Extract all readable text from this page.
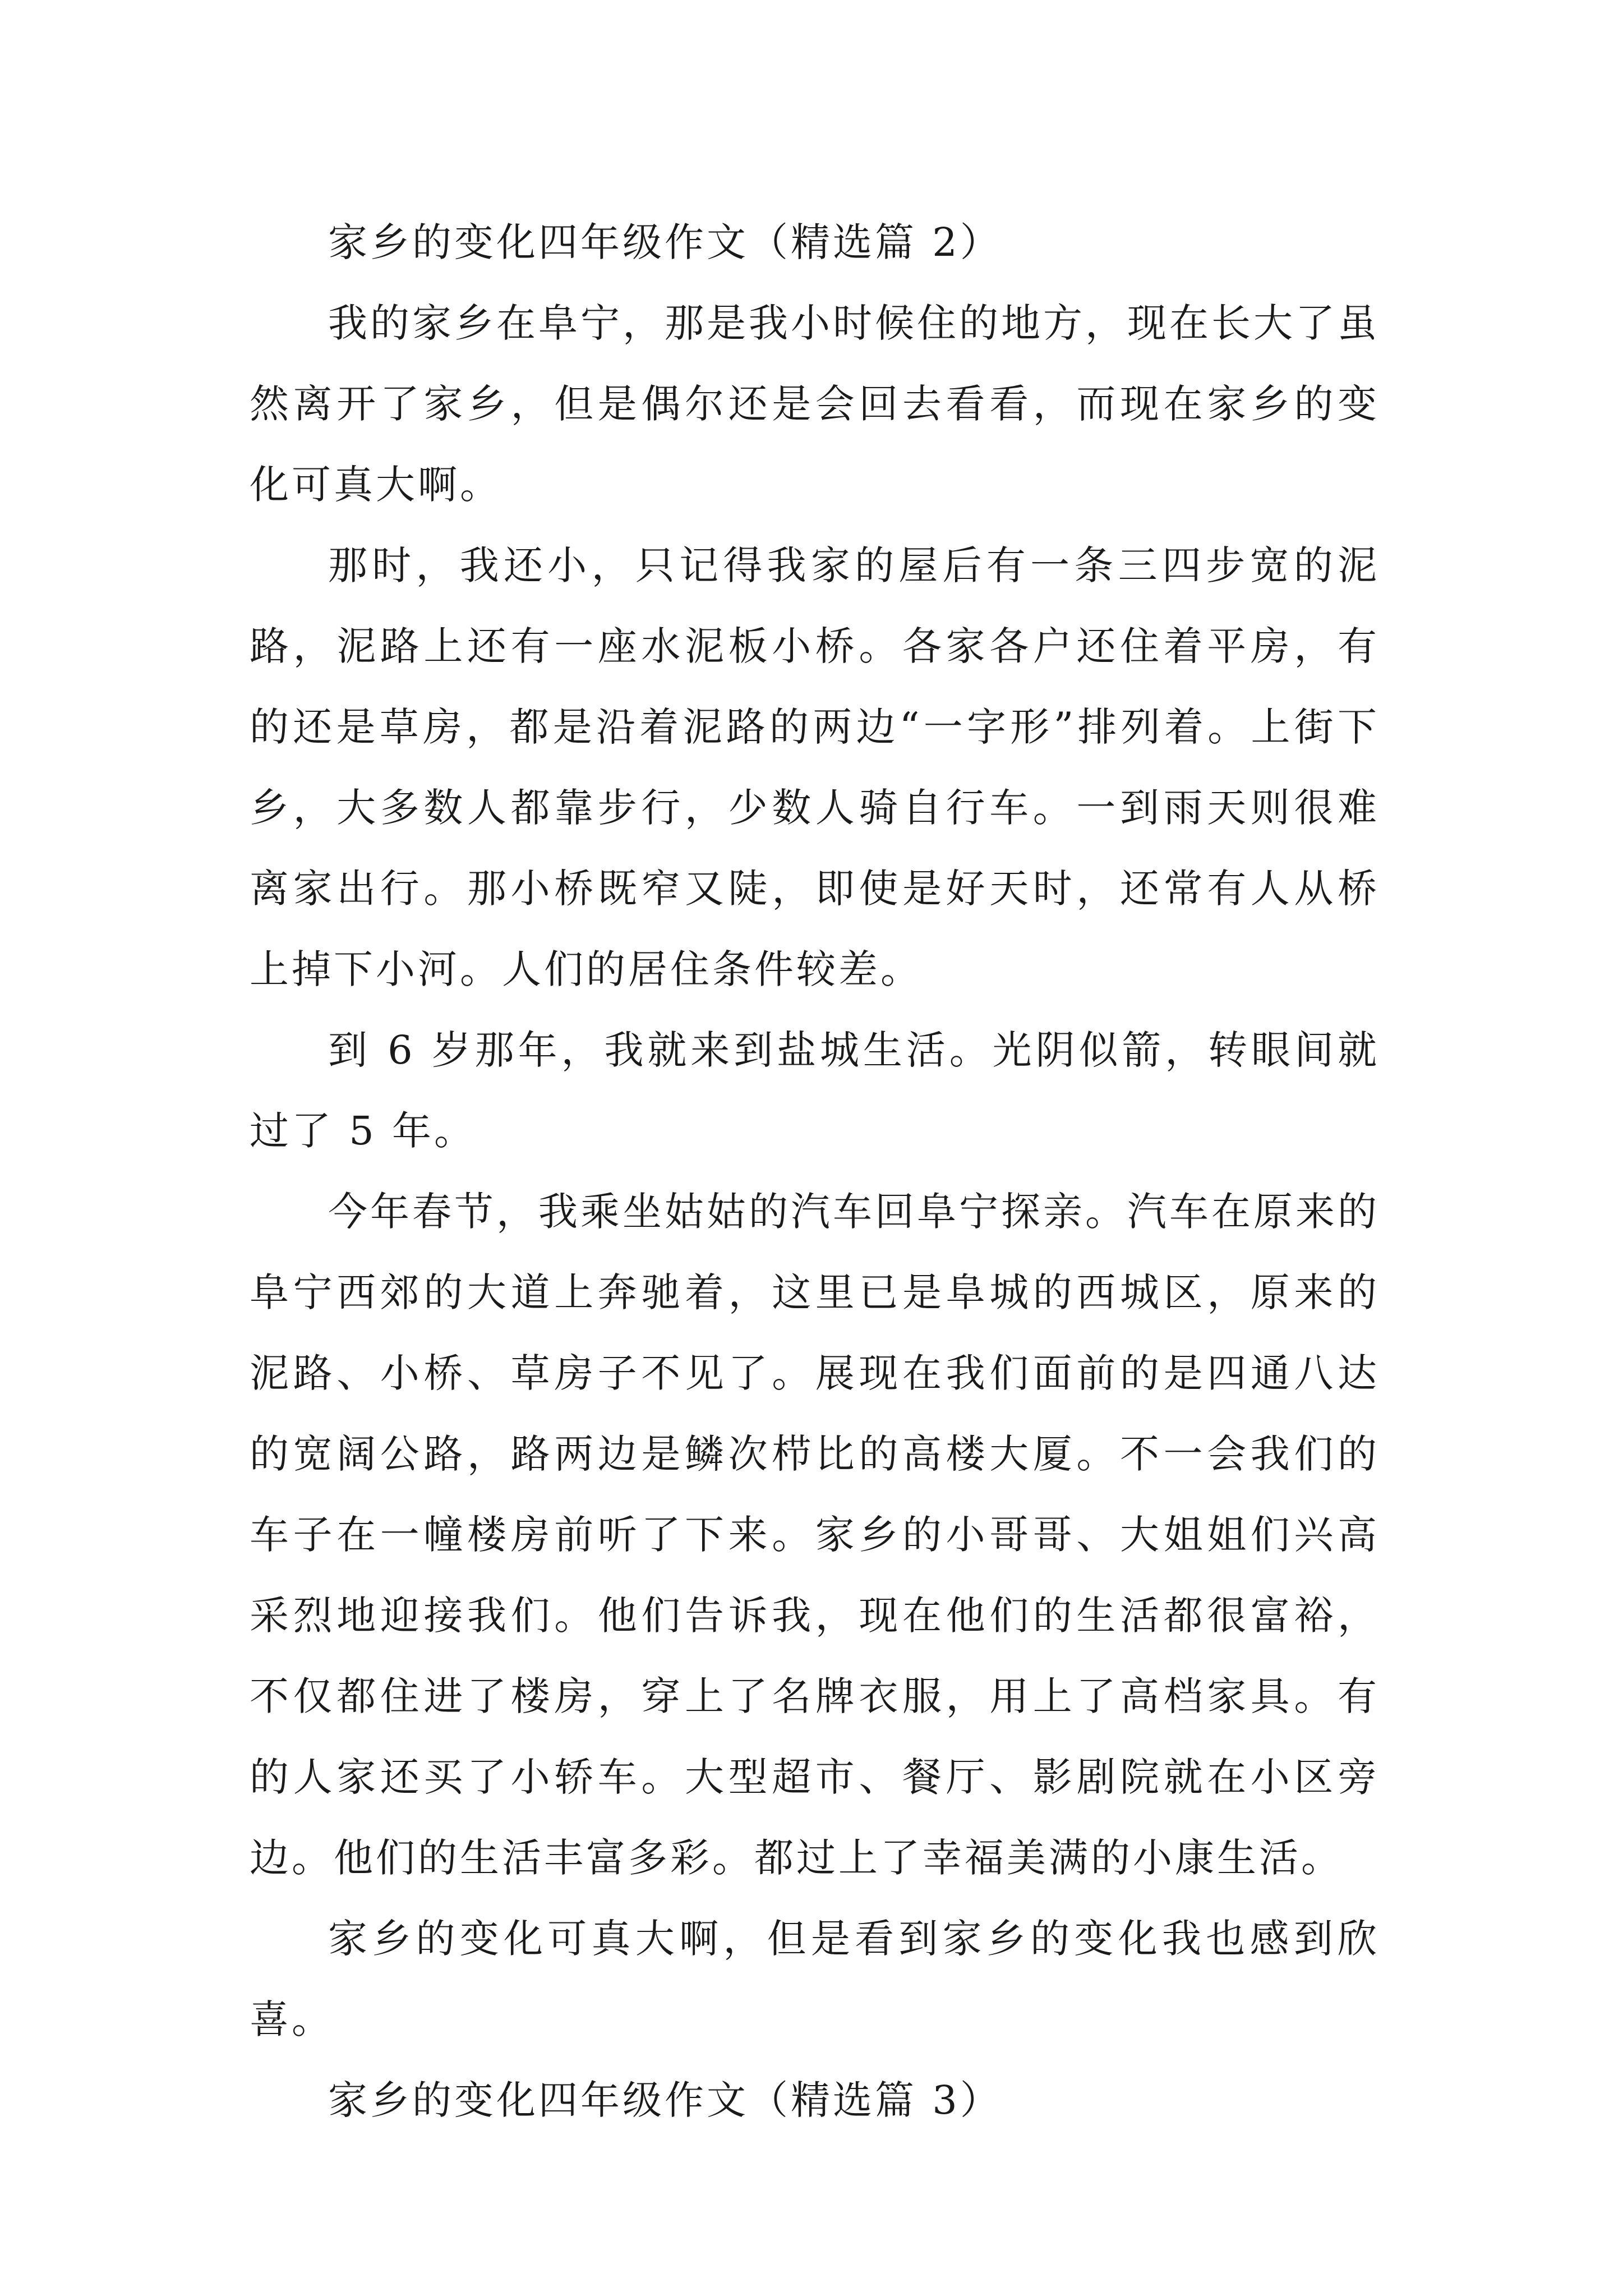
家乡的变化四年级作文（精选篇 2）

我的家乡在阜宁，那是我小时候住的地方，现在长大了虽然离开了家乡，但是偶尔还是会回去看看，而现在家乡的变化可真大啊。

那时，我还小，只记得我家的屋后有一条三四步宽的泥路，泥路上还有一座水泥板小桥。各家各户还住着平房，有的还是草房，都是沿着泥路的两边“一字形”排列着。上街下乡，大多数人都靠步行，少数人骑自行车。一到雨天则很难离家出行。那小桥既窄又陡，即使是好天时，还常有人从桥上掉下小河。人们的居住条件较差。

到 6 岁那年，我就来到盐城生活。光阴似箭，转眼间就过了 5 年。

今年春节，我乘坐姑姑的汽车回阜宁探亲。汽车在原来的阜宁西郊的大道上奔驰着，这里已是阜城的西城区，原来的泥路、小桥、草房子不见了。展现在我们面前的是四通八达的宽阔公路，路两边是鳞次栉比的高楼大厦。不一会我们的车子在一幢楼房前听了下来。家乡的小哥哥、大姐姐们兴高采烈地迎接我们。他们告诉我，现在他们的生活都很富裕，不仅都住进了楼房，穿上了名牌衣服，用上了高档家具。有的人家还买了小轿车。大型超市、餐厅、影剧院就在小区旁边。他们的生活丰富多彩。都过上了幸福美满的小康生活。

家乡的变化可真大啊，但是看到家乡的变化我也感到欣喜。

家乡的变化四年级作文（精选篇 3）
